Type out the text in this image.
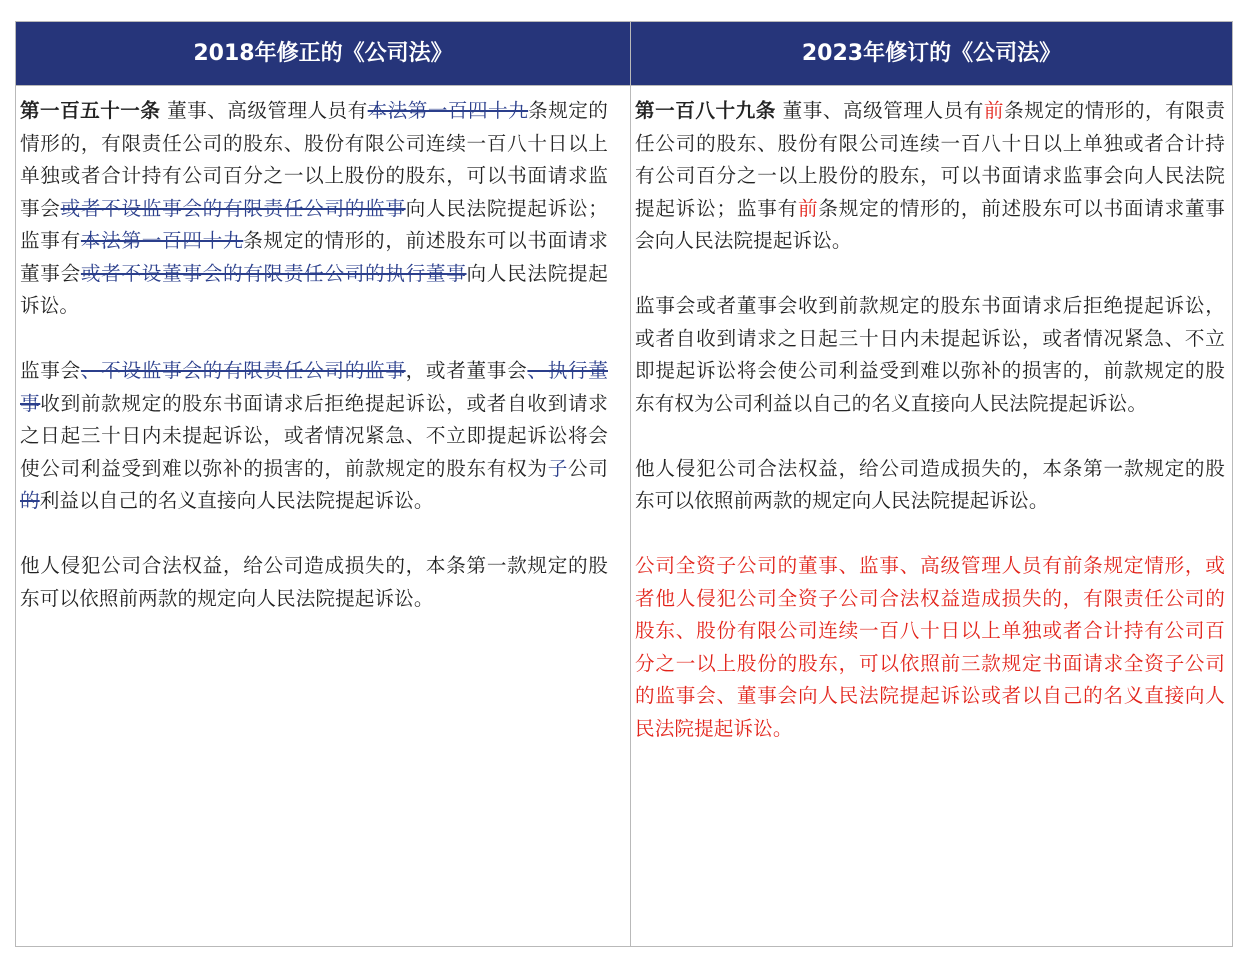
2018年修正的《公司法》	2023年修订的《公司法》

第一百五十一条 董事、高级管理人员有本法第一百四十九条规定的情形的，有限责任公司的股东、股份有限公司连续一百八十日以上单独或者合计持有公司百分之一以上股份的股东，可以书面请求监事会或者不设监事会的有限责任公司的监事向人民法院提起诉讼；监事有本法第一百四十九条规定的情形的，前述股东可以书面请求董事会或者不设董事会的有限责任公司的执行董事向人民法院提起诉讼。

监事会、不设监事会的有限责任公司的监事，或者董事会、执行董事收到前款规定的股东书面请求后拒绝提起诉讼，或者自收到请求之日起三十日内未提起诉讼，或者情况紧急、不立即提起诉讼将会使公司利益受到难以弥补的损害的，前款规定的股东有权为子公司的利益以自己的名义直接向人民法院提起诉讼。

他人侵犯公司合法权益，给公司造成损失的，本条第一款规定的股东可以依照前两款的规定向人民法院提起诉讼。

第一百八十九条 董事、高级管理人员有前条规定的情形的，有限责任公司的股东、股份有限公司连续一百八十日以上单独或者合计持有公司百分之一以上股份的股东，可以书面请求监事会向人民法院提起诉讼；监事有前条规定的情形的，前述股东可以书面请求董事会向人民法院提起诉讼。

监事会或者董事会收到前款规定的股东书面请求后拒绝提起诉讼，或者自收到请求之日起三十日内未提起诉讼，或者情况紧急、不立即提起诉讼将会使公司利益受到难以弥补的损害的，前款规定的股东有权为公司利益以自己的名义直接向人民法院提起诉讼。

他人侵犯公司合法权益，给公司造成损失的，本条第一款规定的股东可以依照前两款的规定向人民法院提起诉讼。

公司全资子公司的董事、监事、高级管理人员有前条规定情形，或者他人侵犯公司全资子公司合法权益造成损失的，有限责任公司的股东、股份有限公司连续一百八十日以上单独或者合计持有公司百分之一以上股份的股东，可以依照前三款规定书面请求全资子公司的监事会、董事会向人民法院提起诉讼或者以自己的名义直接向人民法院提起诉讼。
